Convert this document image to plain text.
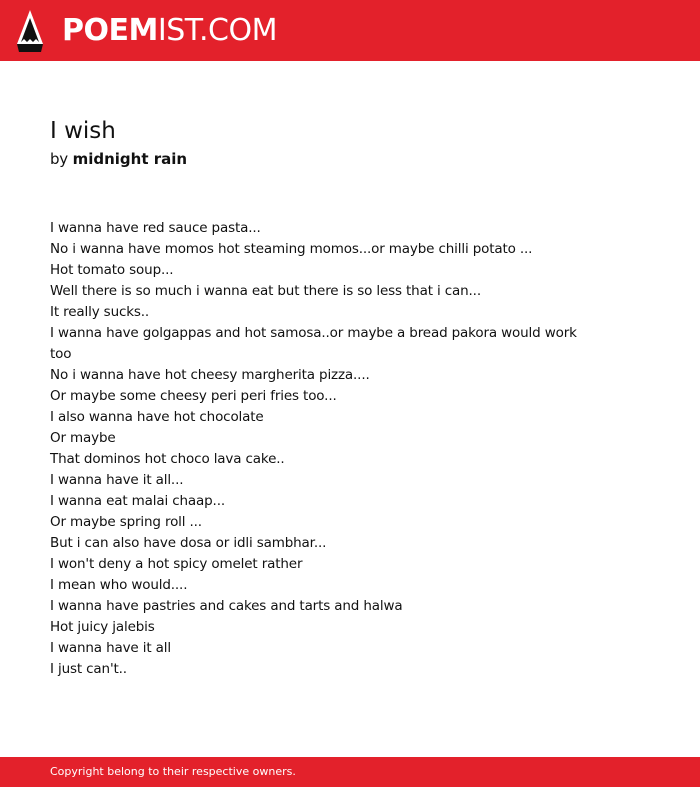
POEMIST.COM
I wish
by midnight rain
I wanna have red sauce pasta...
No i wanna have momos hot steaming momos...or maybe chilli potato ...
Hot tomato soup...
Well there is so much i wanna eat but there is so less that i can...
It really sucks..
I wanna have golgappas and hot samosa..or maybe a bread pakora would work
too
No i wanna have hot cheesy margherita pizza....
Or maybe some cheesy peri peri fries too...
I also wanna have hot chocolate
Or maybe
That dominos hot choco lava cake..
I wanna have it all...
I wanna eat malai chaap...
Or maybe spring roll ...
But i can also have dosa or idli sambhar...
I won't deny a hot spicy omelet rather
I mean who would....
I wanna have pastries and cakes and tarts and halwa
Hot juicy jalebis
I wanna have it all
I just can't..
Copyright belong to their respective owners.
